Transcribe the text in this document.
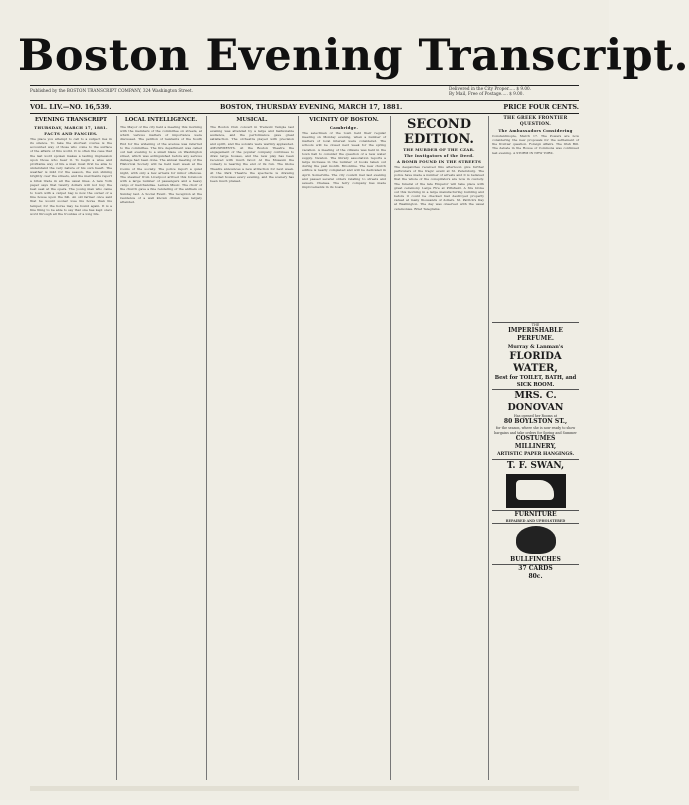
Boston Evening Transcript.
Published by the BOSTON TRANSCRIPT COMPANY, 324 Washington Street.	Delivered in the City Proper..... $ 9.00.
By Mail, Free of Postage..... $ 9.00.
VOL. LIV.—NO. 16,539.	BOSTON, THURSDAY EVENING, MARCH 17, 1881.	PRICE FOUR CENTS.
EVENING TRANSCRIPT
THURSDAY, MARCH 17, 1881.
FACTS AND FANCIES.
The place you attempt to call to a subject lies in its silence. To take the shortest course is the accounted way of those who come to the surface of the affairs of this world. It is often the case that the last word spoken makes a lasting impression upon those who hear it. To begin a wise and profitable way of life a man must first be able to understand the very nature of his own heart. The weather is mild for the season, the sun shining brightly over the streets, and the merchants report a brisk trade in all the usual lines. A new York paper says that twenty dollars will not buy the best seat at the opera. The young man who came to town with a carpet bag is now the owner of a fine house upon the hill. An old farmer once said that he would sooner lose his horse than his temper, for the horse may be found again. It is a fine thing to be able to say that one has kept one's word through all the troubles of a long life.
LOCAL INTELLIGENCE.
The Mayor of the city held a meeting this morning with the members of the committee on streets, at which various matters of importance were discussed. The petition of residents of the South End for the widening of the avenue was referred to the committee. The fire department was called out last evening to a small blaze on Washington street, which was extinguished before any serious damage had been done. The annual meeting of the Historical Society will be held next week at the rooms of the society. The police report a quiet night, with only a few arrests for minor offences. The steamer from Liverpool arrived this forenoon with a large number of passengers and a heavy cargo of merchandise. Lenten Music. The choir of the church gave a fine rendering of the anthem on Sunday last. A Social Event. The reception at the residence of a well known citizen was largely attended.
MUSICAL.
The Boston Club concert in Tremont Temple last evening was attended by a large and fashionable audience, and the performance gave great satisfaction. The orchestra played with precision and spirit, and the soloists were warmly applauded. AMUSEMENTS. At the Boston Theatre the engagement of the popular company continues to draw large houses, and the new play has been received with much favor. At the Museum the comedy is nearing the end of its run. The Globe Theatre announces a new attraction for next week. At the Park Theatre the spectacle is drawing crowded houses every evening, and the scenery has been much praised.
VICINITY OF BOSTON.
Cambridge.
The selectmen of the town held their regular meeting on Monday evening, when a number of matters of local interest were considered. The schools will be closed next week for the spring vacation. A meeting of the citizens was held in the town hall to consider the question of a new water supply. Newton. The library association reports a large increase in the number of books taken out during the past month. Brookline. The new church edifice is nearly completed and will be dedicated in April. Somerville. The city council met last evening and passed several orders relating to streets and sewers. Chelsea. The ferry company has made improvements in its boats.
SECOND EDITION.
THE MURDER OF THE CZAR.
The Instigators of the Deed.
A BOMB FOUND IN THE STREETS
The despatches received this afternoon give further particulars of the tragic event at St. Petersburg. The police have made a number of arrests and it is believed that the whole of the conspirators are now in custody. The funeral of the late Emperor will take place with great ceremony. Large Fire at Pittsfield. A fire broke out this morning in a large manufacturing building and before it could be checked had destroyed property valued at many thousands of dollars. St. Patrick's Day at Washington. The day was observed with the usual ceremonies. Brief Telegrams.
THE GREEK FRONTIER QUESTION.
The Ambassadors Considering
Constantinople, March 17. The Powers are now considering the new proposals for the settlement of the frontier question. Foreign Affairs. The Irish Bill. The debate in the House of Commons was continued last evening. A STORM IN NEW YORK.
THE
IMPERISHABLE PERFUME.
Murray & Lanman's
FLORIDA WATER,
Best for TOILET, BATH, and SICK ROOM.
MRS. C. DONOVAN
Has opened her Rooms at
80 BOYLSTON ST.,
for the season, where she is now ready to show bargains and take orders for Spring and Summer
COSTUMES
MILLINERY,
ARTISTIC PAPER HANGINGS.
T. F. SWAN,
FURNITURE
REPAIRED AND UPHOLSTERED
BULLFINCHES
37 CARDS
80c.
